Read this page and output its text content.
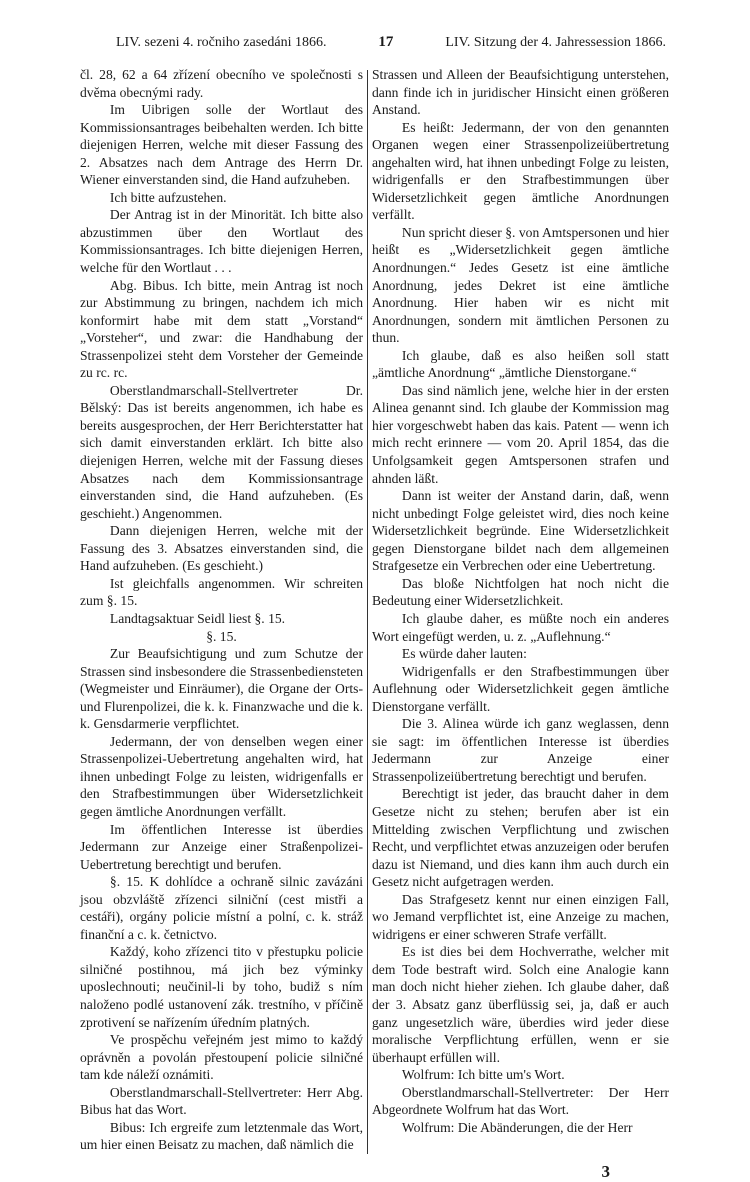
LIV. sezeni 4. ročniho zasedáni 1866.	17	LIV. Sitzung der 4. Jahressession 1866.

čl. 28, 62 a 64 zřízení obecního ve společnosti s dvěma obecnými rady.

Im Uibrigen solle der Wortlaut des Kommissionsantrages beibehalten werden. Ich bitte diejenigen Herren, welche mit dieser Fassung des 2. Absatzes nach dem Antrage des Herrn Dr. Wiener einverstanden sind, die Hand aufzuheben.

Ich bitte aufzustehen.

Der Antrag ist in der Minorität. Ich bitte also abzustimmen über den Wortlaut des Kommissionsantrages. Ich bitte diejenigen Herren, welche für den Wortlaut . . .

Abg. Bibus. Ich bitte, mein Antrag ist noch zur Abstimmung zu bringen, nachdem ich mich konformirt habe mit dem statt „Vorstand“ „Vorsteher“, und zwar: die Handhabung der Strassenpolizei steht dem Vorsteher der Gemeinde zu rc. rc.

Oberstlandmarschall-Stellvertreter Dr. Bělský: Das ist bereits angenommen, ich habe es bereits ausgesprochen, der Herr Berichterstatter hat sich damit einverstanden erklärt. Ich bitte also diejenigen Herren, welche mit der Fassung dieses Absatzes nach dem Kommissionsantrage einverstanden sind, die Hand aufzuheben. (Es geschieht.) Angenommen.

Dann diejenigen Herren, welche mit der Fassung des 3. Absatzes einverstanden sind, die Hand aufzuheben. (Es geschieht.)

Ist gleichfalls angenommen. Wir schreiten zum §. 15.

Landtagsaktuar Seidl liest §. 15.

§. 15.

Zur Beaufsichtigung und zum Schutze der Strassen sind insbesondere die Strassenbediensteten (Wegmeister und Einräumer), die Organe der Orts- und Flurenpolizei, die k. k. Finanzwache und die k. k. Gensdarmerie verpflichtet.

Jedermann, der von denselben wegen einer Strassenpolizei-Uebertretung angehalten wird, hat ihnen unbedingt Folge zu leisten, widrigenfalls er den Strafbestimmungen über Widersetzlichkeit gegen ämtliche Anordnungen verfällt.

Im öffentlichen Interesse ist überdies Jedermann zur Anzeige einer Straßenpolizei-Uebertretung berechtigt und berufen.

§. 15. K dohlídce a ochraně silnic zavázáni jsou obzvláště zřízenci silniční (cest mistři a cestáři), orgány policie místní a polní, c. k. stráž finanční a c. k. četnictvo.

Každý, koho zřízenci tito v přestupku policie silničné postihnou, má jich bez výminky uposlechnouti; neučinil-li by toho, budiž s ním naloženo podlé ustanovení zák. trestního, v příčině zprotivení se nařízením úředním platných.

Ve prospěchu veřejném jest mimo to každý oprávněn a povolán přestoupení policie silničné tam kde náleží oznámiti.

Oberstlandmarschall-Stellvertreter: Herr Abg. Bibus hat das Wort.

Bibus: Ich ergreife zum letztenmale das Wort, um hier einen Beisatz zu machen, daß nämlich die

Strassen und Alleen der Beaufsichtigung unterstehen, dann finde ich in juridischer Hinsicht einen größeren Anstand.

Es heißt: Jedermann, der von den genannten Organen wegen einer Strassenpolizeiübertretung angehalten wird, hat ihnen unbedingt Folge zu leisten, widrigenfalls er den Strafbestimmungen über Widersetzlichkeit gegen ämtliche Anordnungen verfällt.

Nun spricht dieser §. von Amtspersonen und hier heißt es „Widersetzlichkeit gegen ämtliche Anordnungen.“ Jedes Gesetz ist eine ämtliche Anordnung, jedes Dekret ist eine ämtliche Anordnung. Hier haben wir es nicht mit Anordnungen, sondern mit ämtlichen Personen zu thun.

Ich glaube, daß es also heißen soll statt „ämtliche Anordnung“ „ämtliche Dienstorgane.“

Das sind nämlich jene, welche hier in der ersten Alinea genannt sind. Ich glaube der Kommission mag hier vorgeschwebt haben das kais. Patent — wenn ich mich recht erinnere — vom 20. April 1854, das die Unfolgsamkeit gegen Amtspersonen strafen und ahnden läßt.

Dann ist weiter der Anstand darin, daß, wenn nicht unbedingt Folge geleistet wird, dies noch keine Widersetzlichkeit begründe. Eine Widersetzlichkeit gegen Dienstorgane bildet nach dem allgemeinen Strafgesetze ein Verbrechen oder eine Uebertretung.

Das bloße Nichtfolgen hat noch nicht die Bedeutung einer Widersetzlichkeit.

Ich glaube daher, es müßte noch ein anderes Wort eingefügt werden, u. z. „Auflehnung.“

Es würde daher lauten:

Widrigenfalls er den Strafbestimmungen über Auflehnung oder Widersetzlichkeit gegen ämtliche Dienstorgane verfällt.

Die 3. Alinea würde ich ganz weglassen, denn sie sagt: im öffentlichen Interesse ist überdies Jedermann zur Anzeige einer Strassenpolizeiübertretung berechtigt und berufen.

Berechtigt ist jeder, das braucht daher in dem Gesetze nicht zu stehen; berufen aber ist ein Mittelding zwischen Verpflichtung und zwischen Recht, und verpflichtet etwas anzuzeigen oder berufen dazu ist Niemand, und dies kann ihm auch durch ein Gesetz nicht aufgetragen werden.

Das Strafgesetz kennt nur einen einzigen Fall, wo Jemand verpflichtet ist, eine Anzeige zu machen, widrigens er einer schweren Strafe verfällt.

Es ist dies bei dem Hochverrathe, welcher mit dem Tode bestraft wird. Solch eine Analogie kann man doch nicht hieher ziehen. Ich glaube daher, daß der 3. Absatz ganz überflüssig sei, ja, daß er auch ganz ungesetzlich wäre, überdies wird jeder diese moralische Verpflichtung erfüllen, wenn er sie überhaupt erfüllen will.

Wolfrum: Ich bitte um's Wort.

Oberstlandmarschall-Stellvertreter: Der Herr Abgeordnete Wolfrum hat das Wort.

Wolfrum: Die Abänderungen, die der Herr

3
